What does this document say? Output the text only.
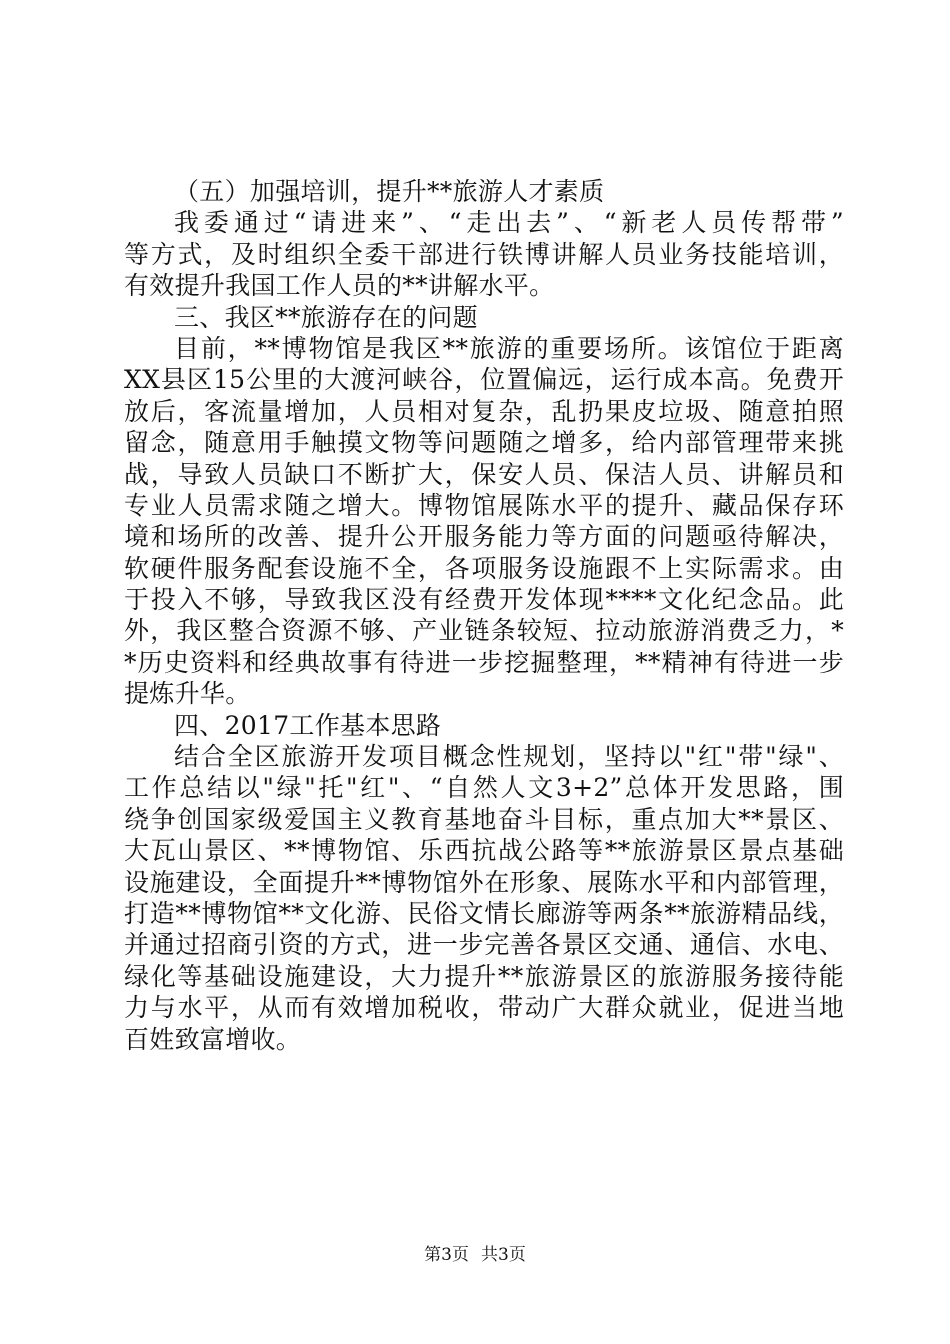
（五）加强培训，提升**旅游人才素质
我委通过“请进来”、“走出去”、“新老人员传帮带”
等方式，及时组织全委干部进行铁博讲解人员业务技能培训，
有效提升我国工作人员的**讲解水平。
三、我区**旅游存在的问题
目前，**博物馆是我区**旅游的重要场所。该馆位于距离
XX县区15公里的大渡河峡谷，位置偏远，运行成本高。免费开
放后，客流量增加，人员相对复杂，乱扔果皮垃圾、随意拍照
留念，随意用手触摸文物等问题随之增多，给内部管理带来挑
战，导致人员缺口不断扩大，保安人员、保洁人员、讲解员和
专业人员需求随之增大。博物馆展陈水平的提升、藏品保存环
境和场所的改善、提升公开服务能力等方面的问题亟待解决，
软硬件服务配套设施不全，各项服务设施跟不上实际需求。由
于投入不够，导致我区没有经费开发体现****文化纪念品。此
外，我区整合资源不够、产业链条较短、拉动旅游消费乏力，*
*历史资料和经典故事有待进一步挖掘整理，**精神有待进一步
提炼升华。
四、2017工作基本思路
结合全区旅游开发项目概念性规划，坚持以"红"带"绿"、
工作总结以"绿"托"红"、“自然人文3+2”总体开发思路，围
绕争创国家级爱国主义教育基地奋斗目标，重点加大**景区、
大瓦山景区、**博物馆、乐西抗战公路等**旅游景区景点基础
设施建设，全面提升**博物馆外在形象、展陈水平和内部管理，
打造**博物馆**文化游、民俗文情长廊游等两条**旅游精品线，
并通过招商引资的方式，进一步完善各景区交通、通信、水电、
绿化等基础设施建设，大力提升**旅游景区的旅游服务接待能
力与水平，从而有效增加税收，带动广大群众就业，促进当地
百姓致富增收。
第3页 共3页
